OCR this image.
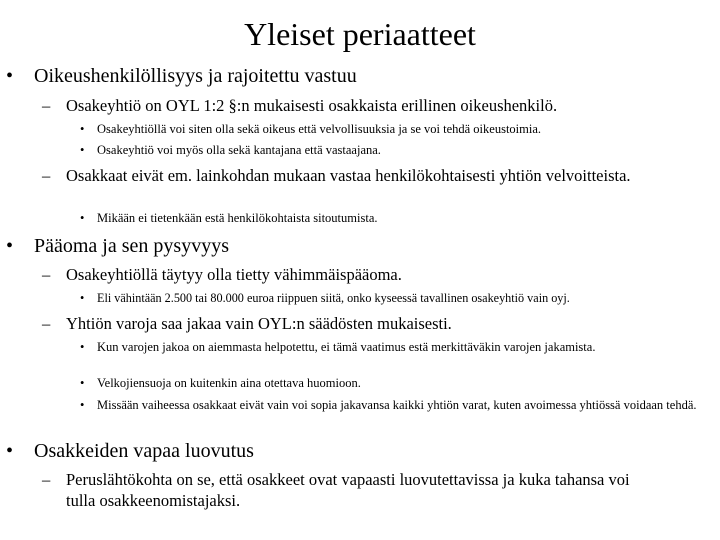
Yleiset periaatteet
• Oikeushenkilöllisyys ja rajoitettu vastuu
– Osakeyhtiö on OYL 1:2 §:n mukaisesti osakkaista erillinen oikeushenkilö.
• Osakeyhtiöllä voi siten olla sekä oikeus että velvollisuuksia ja se voi tehdä oikeustoimia.
• Osakeyhtiö voi myös olla sekä kantajana että vastaajana.
– Osakkaat eivät em. lainkohdan mukaan vastaa henkilökohtaisesti yhtiön velvoitteista.
• Mikään ei tietenkään estä henkilökohtaista sitoutumista.
• Pääoma ja sen pysyvyys
– Osakeyhtiöllä täytyy olla tietty vähimmäispääoma.
• Eli vähintään 2.500 tai 80.000 euroa riippuen siitä, onko kyseessä tavallinen osakeyhtiö vain oyj.
– Yhtiön varoja saa jakaa vain OYL:n säädösten mukaisesti.
• Kun varojen jakoa on aiemmasta helpotettu, ei tämä vaatimus estä merkittäväkin varojen jakamista.
• Velkojiensuoja on kuitenkin aina otettava huomioon.
• Missään vaiheessa osakkaat eivät vain voi sopia jakavansa kaikki yhtiön varat, kuten avoimessa yhtiössä voidaan tehdä.
• Osakkeiden vapaa luovutus
– Peruslähtökohta on se, että osakkeet ovat vapaasti luovutettavissa ja kuka tahansa voi tulla osakkeenomistajaksi.
